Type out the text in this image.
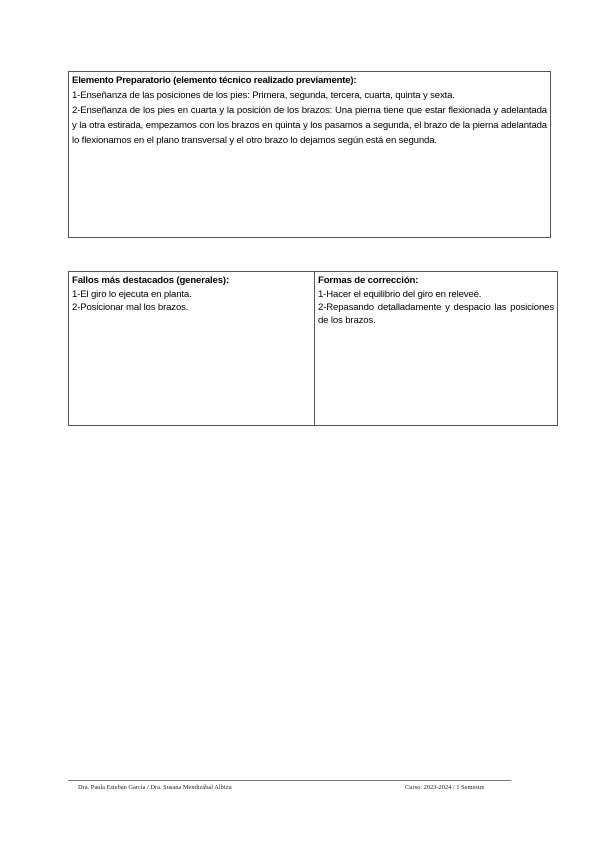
Elemento Preparatorio (elemento técnico realizado previamente):

1-Enseñanza de las posiciones de los pies: Primera, segunda, tercera, cuarta, quinta y sexta.

2-Enseñanza de los pies en cuarta y la posición de los brazos: Una pierna tiene que estar flexionada y adelantada y la otra estirada, empezamos con los brazos en quinta y los pasamos a segunda, el brazo de la pierna adelantada lo flexionamos en el plano transversal y el otro brazo lo dejamos según está en segunda.

Fallos más destacados (generales):

1-El giro lo ejecuta en planta.

2-Posicionar mal los brazos.

Formas de corrección:

1-Hacer el equilibrio del giro en releveé.

2-Repasando detalladamente y despacio las posiciones de los brazos.

Dra. Paula Esteban García / Dra. Susana Mendizábal Albizu	Curso: 2023-2024 / 1 Semestre
